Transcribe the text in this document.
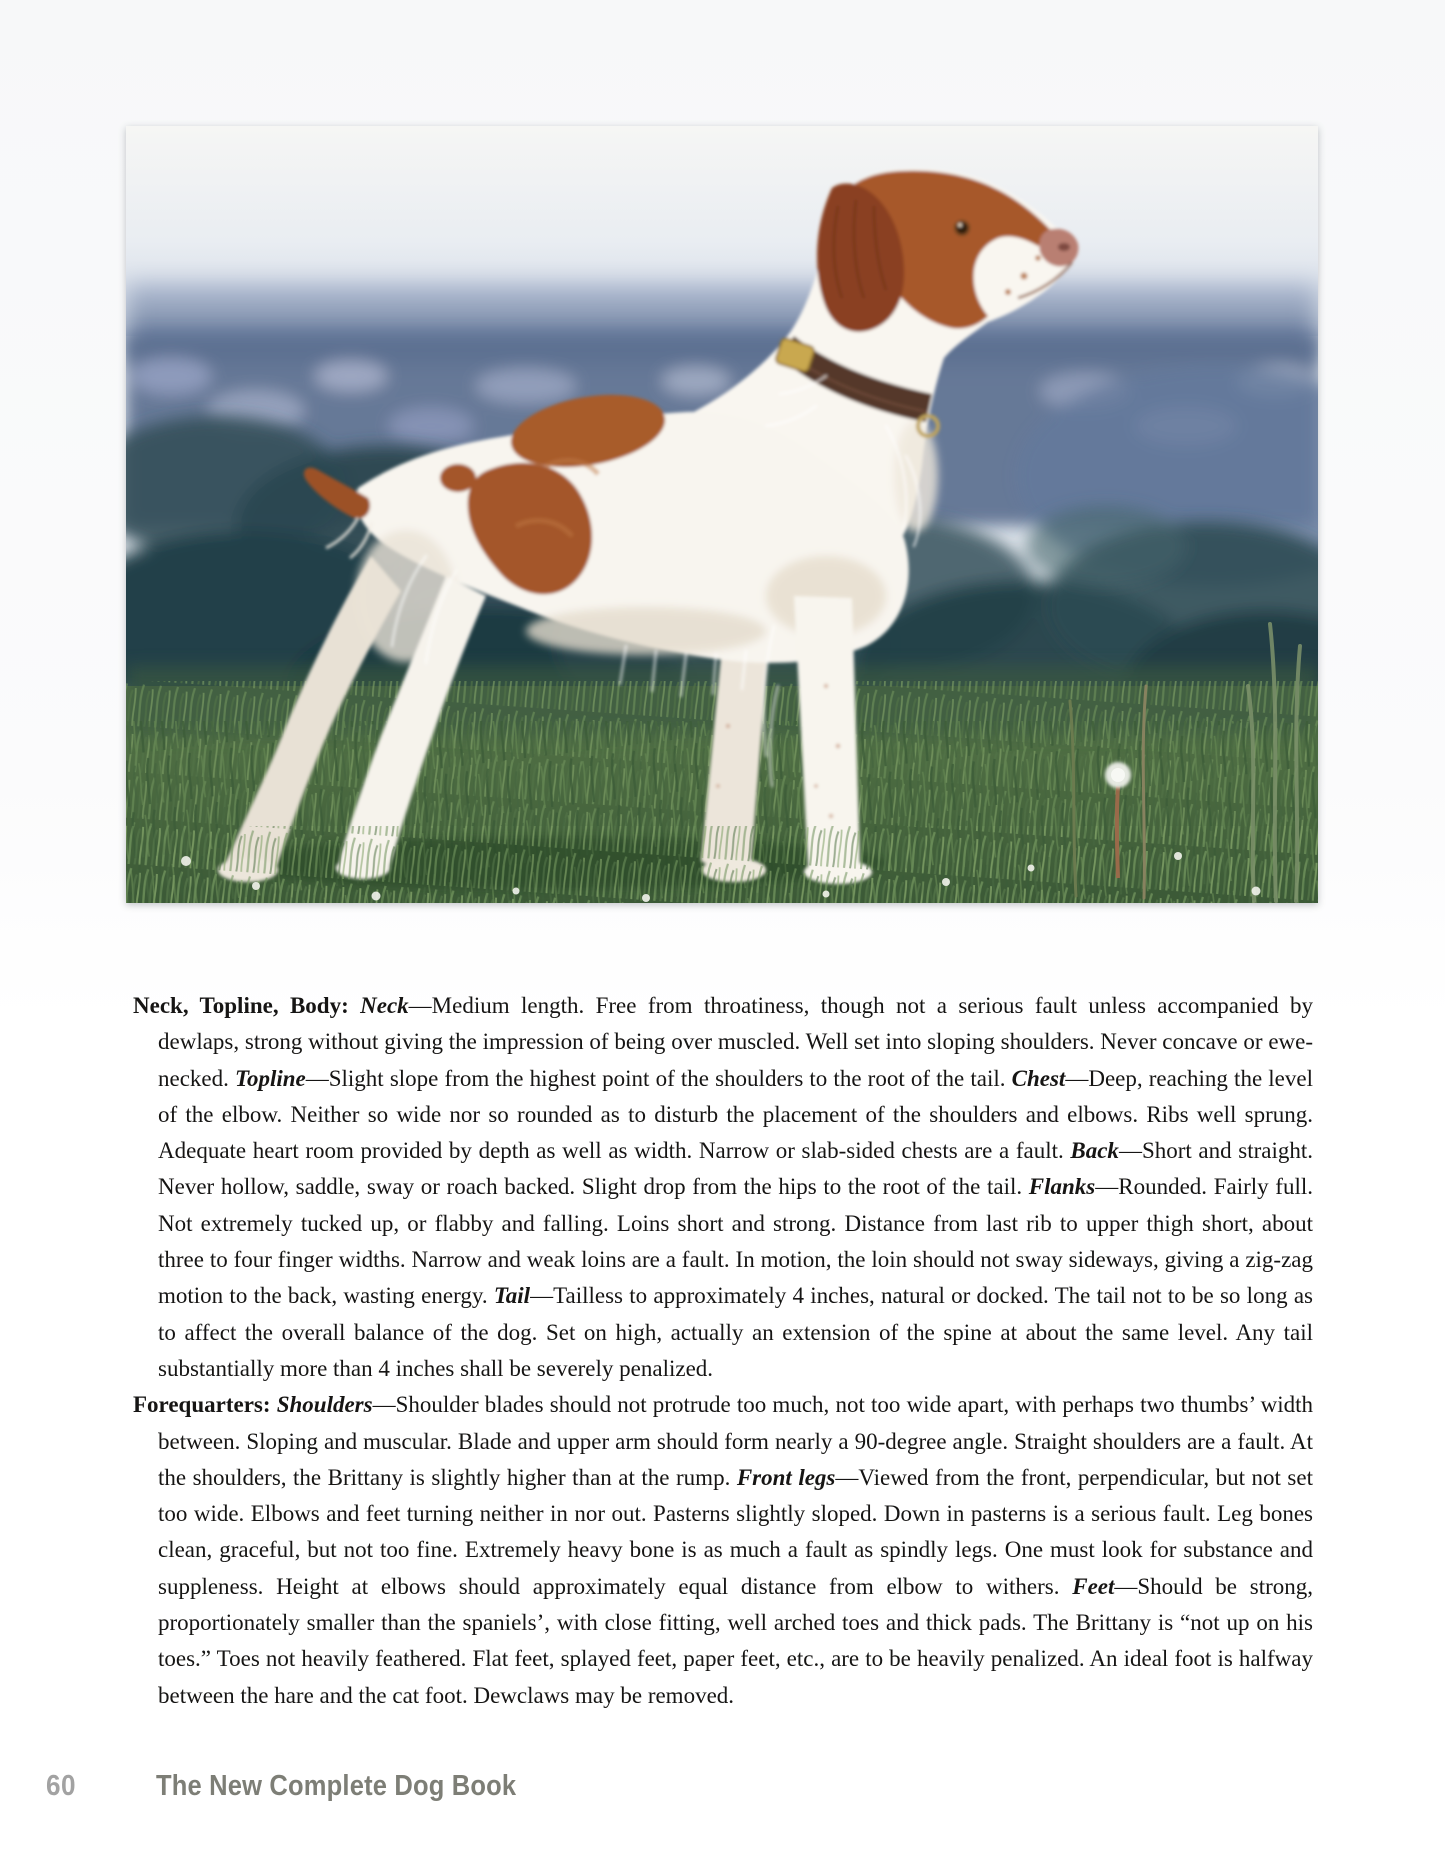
Neck, Topline, Body: Neck—Medium length. Free from throatiness, though not a serious fault unless accompanied by dewlaps, strong without giving the impression of being over muscled. Well set into sloping shoulders. Never concave or ewe-necked. Topline—Slight slope from the highest point of the shoulders to the root of the tail. Chest—Deep, reaching the level of the elbow. Neither so wide nor so rounded as to disturb the placement of the shoulders and elbows. Ribs well sprung. Adequate heart room provided by depth as well as width. Narrow or slab-sided chests are a fault. Back—Short and straight. Never hollow, saddle, sway or roach backed. Slight drop from the hips to the root of the tail. Flanks—Rounded. Fairly full. Not extremely tucked up, or flabby and falling. Loins short and strong. Distance from last rib to upper thigh short, about three to four finger widths. Narrow and weak loins are a fault. In motion, the loin should not sway sideways, giving a zig-zag motion to the back, wasting energy. Tail—Tailless to approximately 4 inches, natural or docked. The tail not to be so long as to affect the overall balance of the dog. Set on high, actually an extension of the spine at about the same level. Any tail substantially more than 4 inches shall be severely penalized.

Forequarters: Shoulders—Shoulder blades should not protrude too much, not too wide apart, with perhaps two thumbs’ width between. Sloping and muscular. Blade and upper arm should form nearly a 90-degree angle. Straight shoulders are a fault. At the shoulders, the Brittany is slightly higher than at the rump. Front legs—Viewed from the front, perpendicular, but not set too wide. Elbows and feet turning neither in nor out. Pasterns slightly sloped. Down in pasterns is a serious fault. Leg bones clean, graceful, but not too fine. Extremely heavy bone is as much a fault as spindly legs. One must look for substance and suppleness. Height at elbows should approximately equal distance from elbow to withers. Feet—Should be strong, proportionately smaller than the spaniels’, with close fitting, well arched toes and thick pads. The Brittany is “not up on his toes.” Toes not heavily feathered. Flat feet, splayed feet, paper feet, etc., are to be heavily penalized. An ideal foot is halfway between the hare and the cat foot. Dewclaws may be removed.

60	The New Complete Dog Book
